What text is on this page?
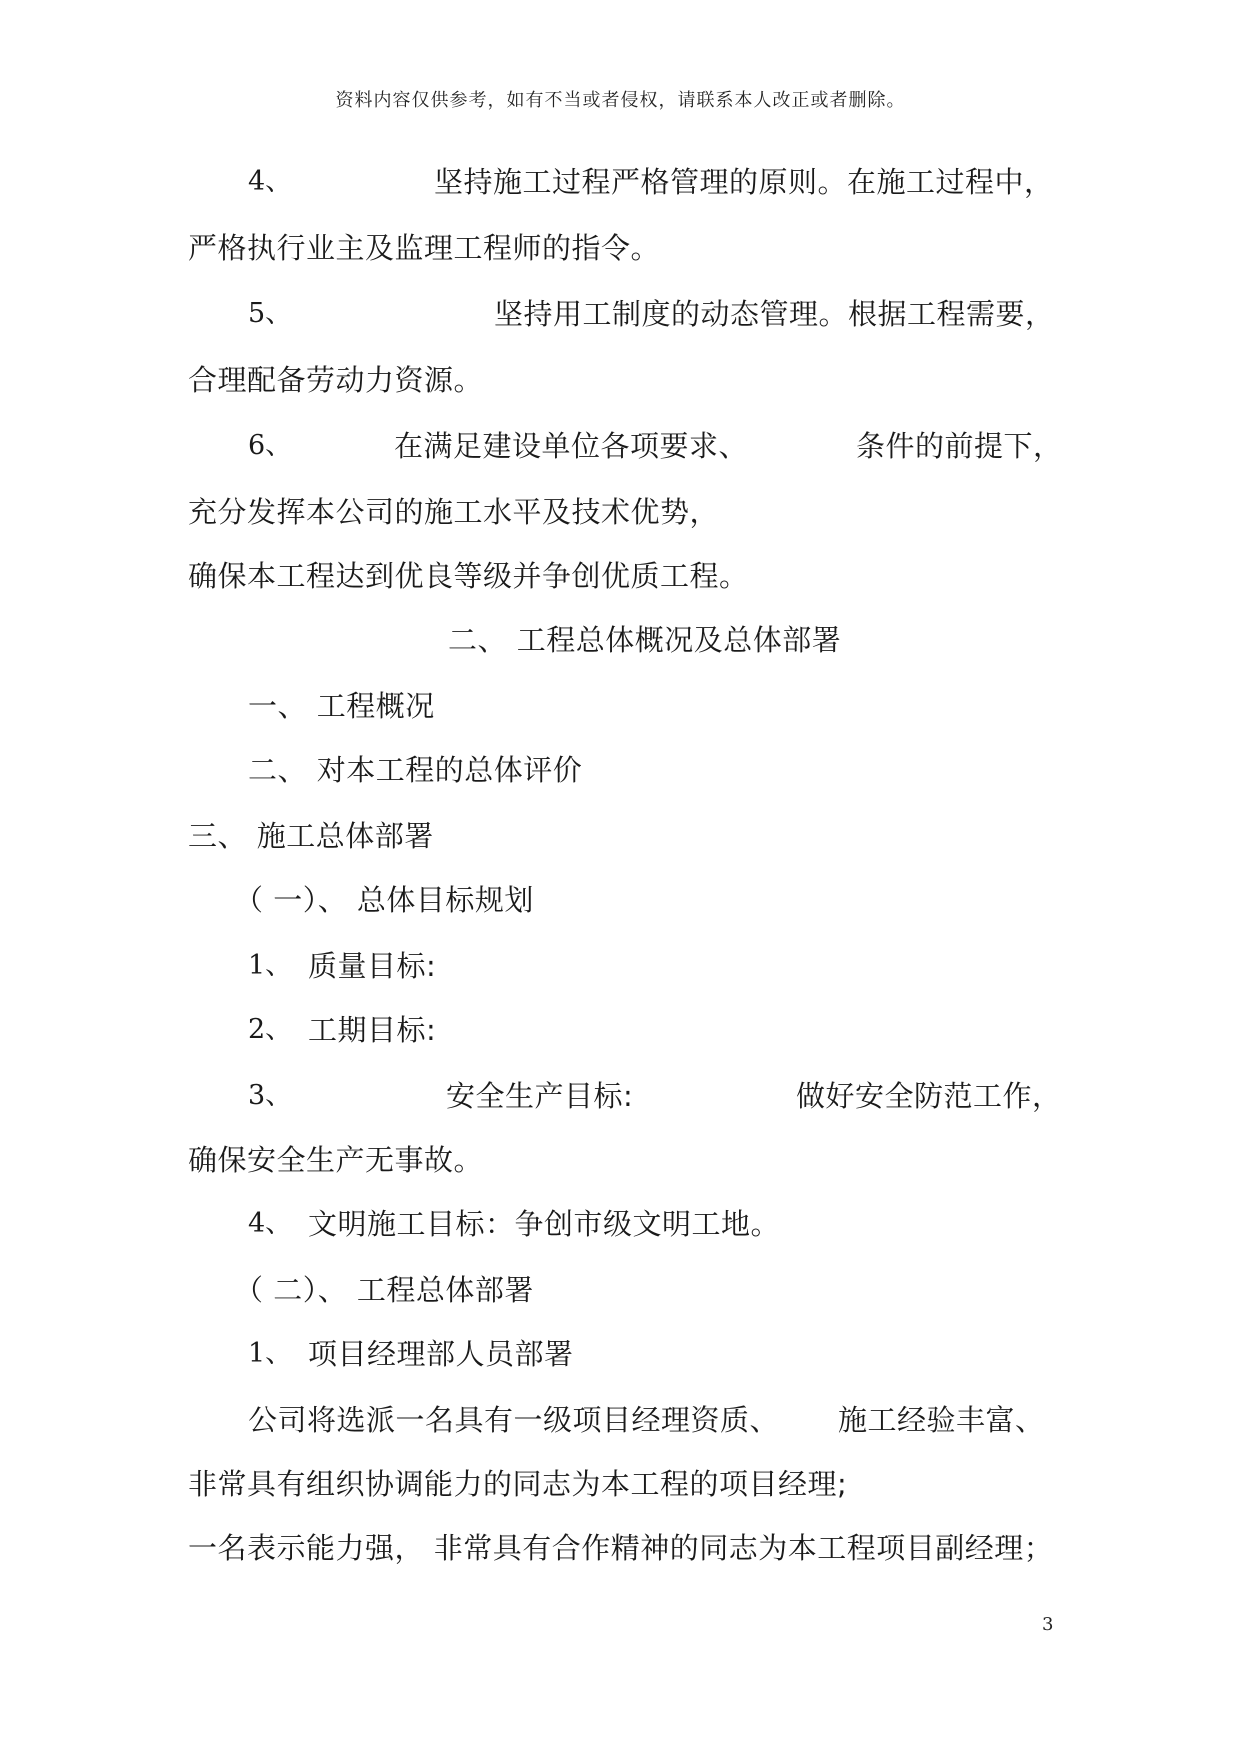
资料内容仅供参考，如有不当或者侵权，请联系本人改正或者删除。
4、	坚持施工过程严格管理的原则。在施工过程中，
严格执行业主及监理工程师的指令。
5、	坚持用工制度的动态管理。根据工程需要，
合理配备劳动力资源。
6、	在满足建设单位各项要求、	条件的前提下，
充分发挥本公司的施工水平及技术优势，
确保本工程达到优良等级并争创优质工程。
二、 工程总体概况及总体部署
一、 工程概况
二、 对本工程的总体评价
三、 施工总体部署
（ 一）、 总体目标规划
1、 质量目标:
2、 工期目标:
3、	安全生产目标:	做好安全防范工作，
确保安全生产无事故。
4、 文明施工目标：争创市级文明工地。
（ 二）、 工程总体部署
1、 项目经理部人员部署
公司将选派一名具有一级项目经理资质、 施工经验丰富、
非常具有组织协调能力的同志为本工程的项目经理;
一名表示能力强， 非常具有合作精神的同志为本工程项目副经理；
3
